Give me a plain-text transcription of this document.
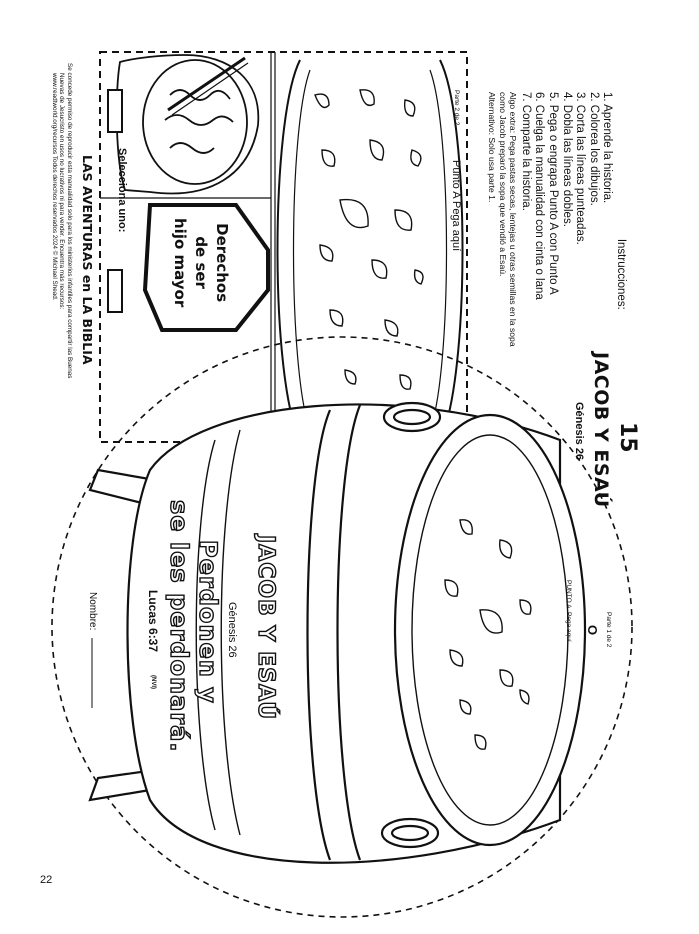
Instrucciones:
1. Aprende la historia.
2. Colorea los dibujos.
3. Corta las líneas punteadas.
4. Dobla las líneas dobles.
5. Pega o engrapa Punto A con Punto A
6. Cuelga la manualidad con cinta o lana
7. Comparte la historia.
Algo extra: Pega pastas secas, lentejas u otras semillas en la sopa
como Jacob preparó la sopa que vendió a Esaú.
Alternativo: Solo usa parte 1.
15
JACOB Y ESAÚ
Génesis 26
Parte 1 de 2
O
PUNTO A. Pega aquí
Parte 2 de 2
Punto A Pega aquí
JACOB Y ESAÚ
Génesis 26
Perdonen y
se les perdonará.
Lucas 6:37
(NVI)
Nombre:
Derechos
de ser
hijo mayor
Selecciona uno:
LAS AVENTURAS en LA BIBLIA
Se concede permiso de reproducir esta manualidad solo para los ministerios infantiles para compartir las Buenas
Nuevas de Jesucristo en usos no lucrativos ni para vender. Encuentra más recursos:
www.readtworld.org/recursos Todos derechos reservados 2024 © Michael Shead.
22
